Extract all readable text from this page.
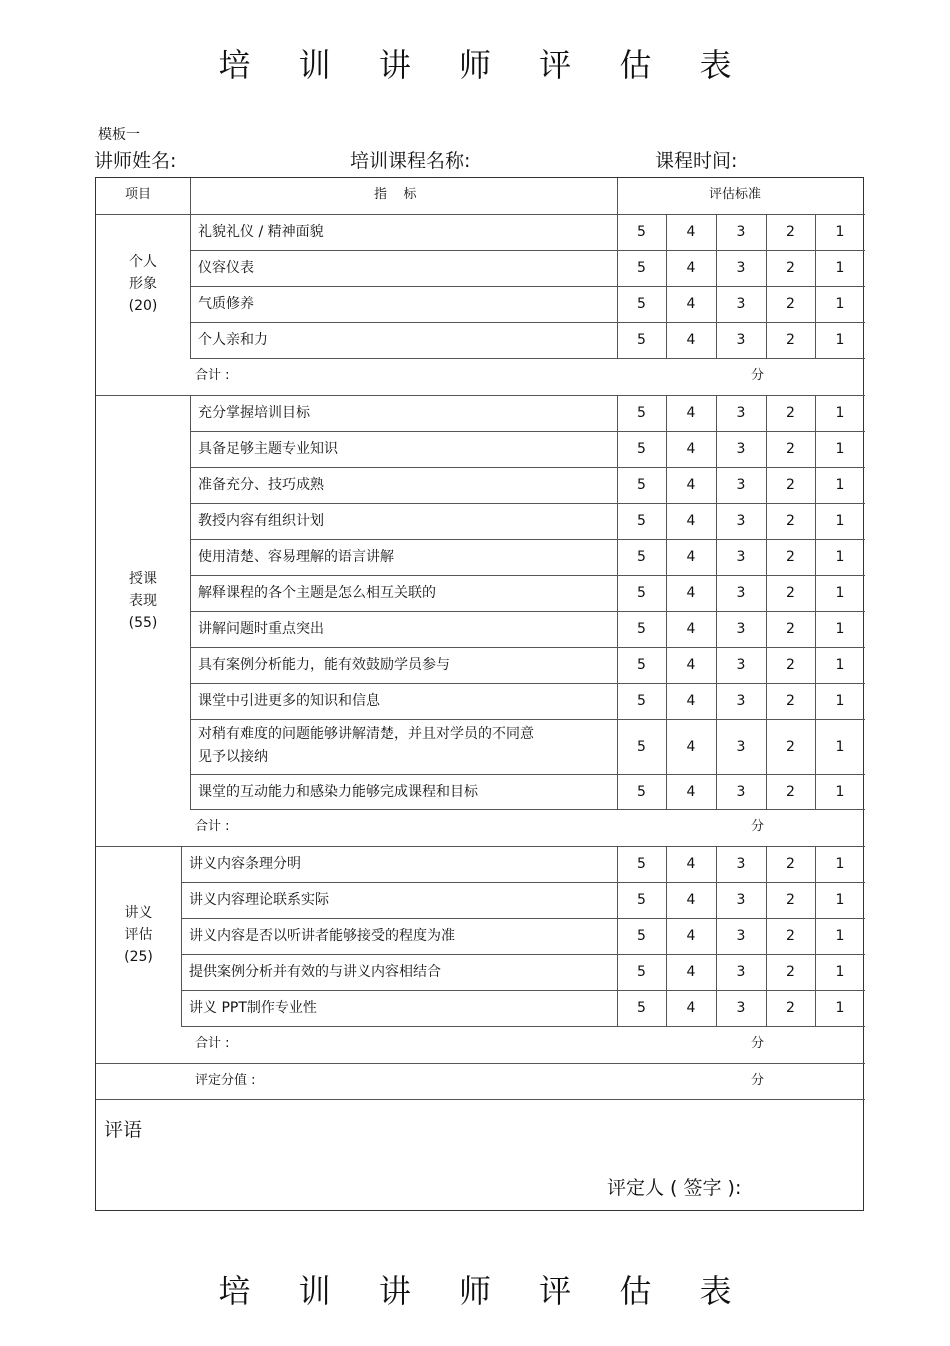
培 训 讲 师 评 估 表
模板一
讲师姓名:	培训课程名称:	课程时间:
项目	指    标	评估标准
个人
形象
(20)
礼貌礼仪 / 精神面貌	5	4	3	2	1
仪容仪表	5	4	3	2	1
气质修养	5	4	3	2	1
个人亲和力	5	4	3	2	1
合计 :	分
授课
表现
(55)
充分掌握培训目标	5	4	3	2	1
具备足够主题专业知识	5	4	3	2	1
准备充分、技巧成熟	5	4	3	2	1
教授内容有组织计划	5	4	3	2	1
使用清楚、容易理解的语言讲解	5	4	3	2	1
解释课程的各个主题是怎么相互关联的	5	4	3	2	1
讲解问题时重点突出	5	4	3	2	1
具有案例分析能力，能有效鼓励学员参与	5	4	3	2	1
课堂中引进更多的知识和信息	5	4	3	2	1
对稍有难度的问题能够讲解清楚，并且对学员的不同意
见予以接纳
5	4	3	2	1
课堂的互动能力和感染力能够完成课程和目标	5	4	3	2	1
合计 :	分
讲义
评估
(25)
讲义内容条理分明	5	4	3	2	1
讲义内容理论联系实际	5	4	3	2	1
讲义内容是否以听讲者能够接受的程度为准	5	4	3	2	1
提供案例分析并有效的与讲义内容相结合	5	4	3	2	1
讲义 PPT制作专业性	5	4	3	2	1
合计 :	分
评定分值 :	分
评语
评定人 ( 签字 ):
培 训 讲 师 评 估 表
